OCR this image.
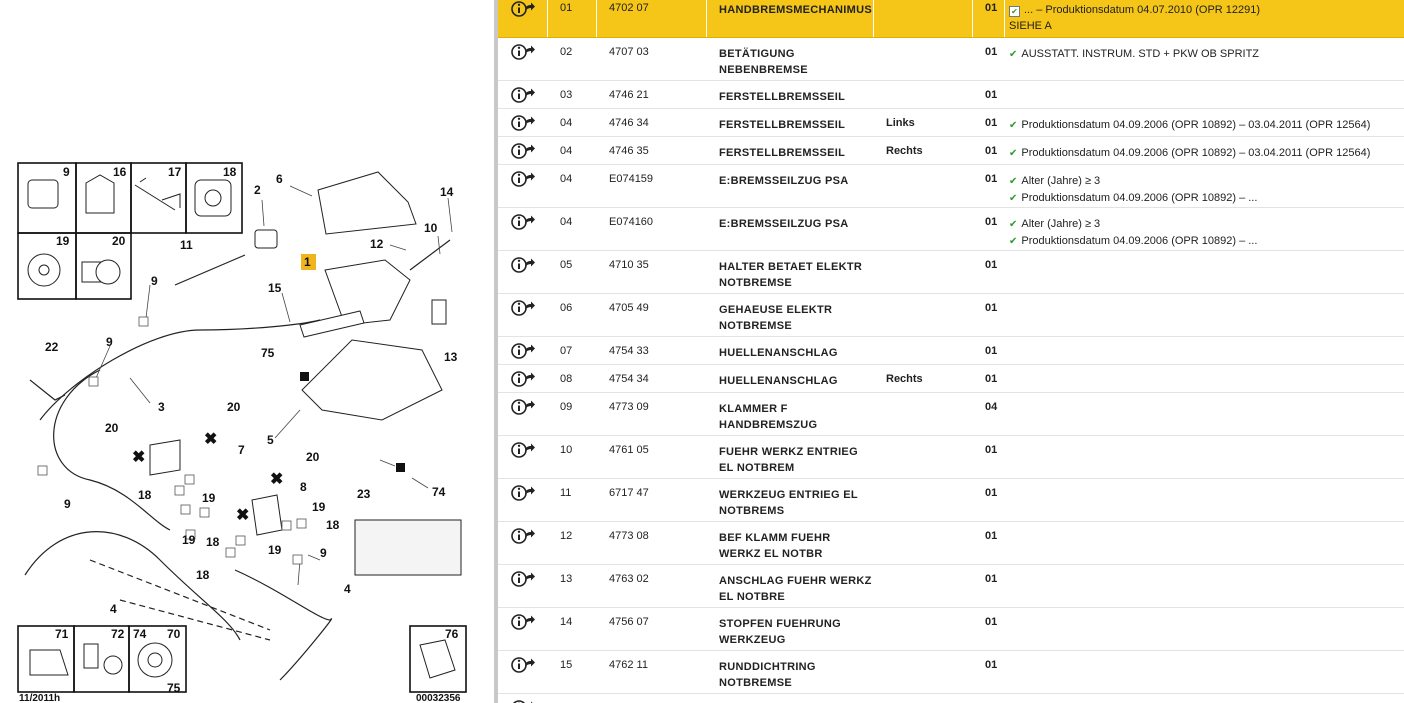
✖
✖
✖
✖
9	16	17	18
19	20
2
6
14
10
12
11
1
15
9
22	9
75	13
3
20
20
7
5
74
20
8
19
18
19
18
19
9
18
19
18
23
9
4
4
71	72 74 70
75
76
11/2011h	00032356
	01	4702 07	HANDBREMSMECHANIMUS		01	✔ ... – Produktionsdatum 04.07.2010 (OPR 12291)
SIEHE A

	02	4707 03	BETÄTIGUNG
NEBENBREMSE		01	✔ AUSSTATT. INSTRUM. STD + PKW OB SPRITZ

	03	4746 21	FERSTELLBREMSSEIL		01	

	04	4746 34	FERSTELLBREMSSEIL	Links	01	✔ Produktionsdatum 04.09.2006 (OPR 10892) – 03.04.2011 (OPR 12564)

	04	4746 35	FERSTELLBREMSSEIL	Rechts	01	✔ Produktionsdatum 04.09.2006 (OPR 10892) – 03.04.2011 (OPR 12564)

	04	E074159	E:BREMSSEILZUG PSA		01	✔ Alter (Jahre) ≥ 3
✔ Produktionsdatum 04.09.2006 (OPR 10892) – ...

	04	E074160	E:BREMSSEILZUG PSA		01	✔ Alter (Jahre) ≥ 3
✔ Produktionsdatum 04.09.2006 (OPR 10892) – ...

	05	4710 35	HALTER BETAET ELEKTR
NOTBREMSE		01	

	06	4705 49	GEHAEUSE ELEKTR
NOTBREMSE		01	

	07	4754 33	HUELLENANSCHLAG		01	

	08	4754 34	HUELLENANSCHLAG	Rechts	01	

	09	4773 09	KLAMMER F
HANDBREMSZUG		04	

	10	4761 05	FUEHR WERKZ ENTRIEG
EL NOTBREM		01	

	11	6717 47	WERKZEUG ENTRIEG EL
NOTBREMS		01	

	12	4773 08	BEF KLAMM FUEHR
WERKZ EL NOTBR		01	

	13	4763 02	ANSCHLAG FUEHR WERKZ
EL NOTBRE		01	

	14	4756 07	STOPFEN FUEHRUNG
WERKZEUG		01	

	15	4762 11	RUNDDICHTRING
NOTBREMSE		01	
